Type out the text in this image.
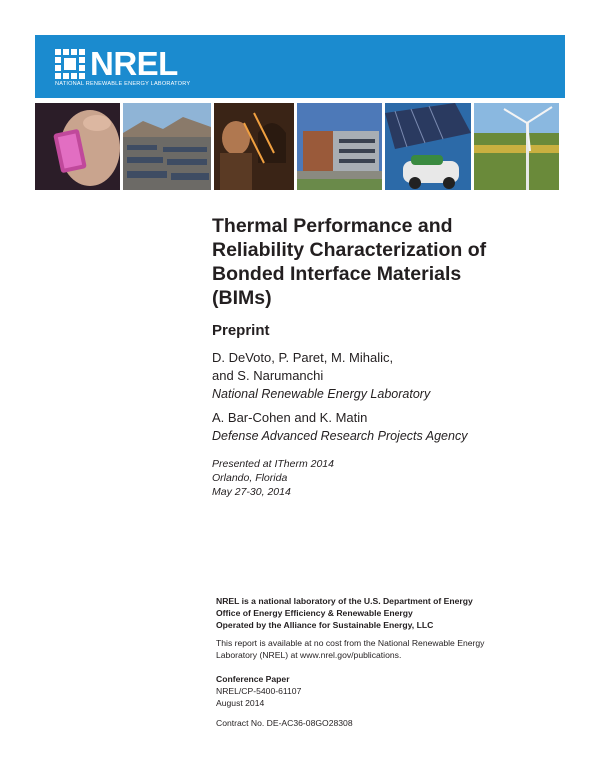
NREL
NATIONAL RENEWABLE ENERGY LABORATORY
Thermal Performance and
Reliability Characterization of
Bonded Interface Materials
(BIMs)
Preprint
D. DeVoto, P. Paret, M. Mihalic,
and S. Narumanchi
National Renewable Energy Laboratory
A. Bar-Cohen and K. Matin
Defense Advanced Research Projects Agency
Presented at ITherm 2014
Orlando, Florida
May 27-30, 2014
NREL is a national laboratory of the U.S. Department of Energy
Office of Energy Efficiency & Renewable Energy
Operated by the Alliance for Sustainable Energy, LLC
This report is available at no cost from the National Renewable Energy
Laboratory (NREL) at www.nrel.gov/publications.
Conference Paper
NREL/CP-5400-61107
August 2014
Contract No. DE-AC36-08GO28308
